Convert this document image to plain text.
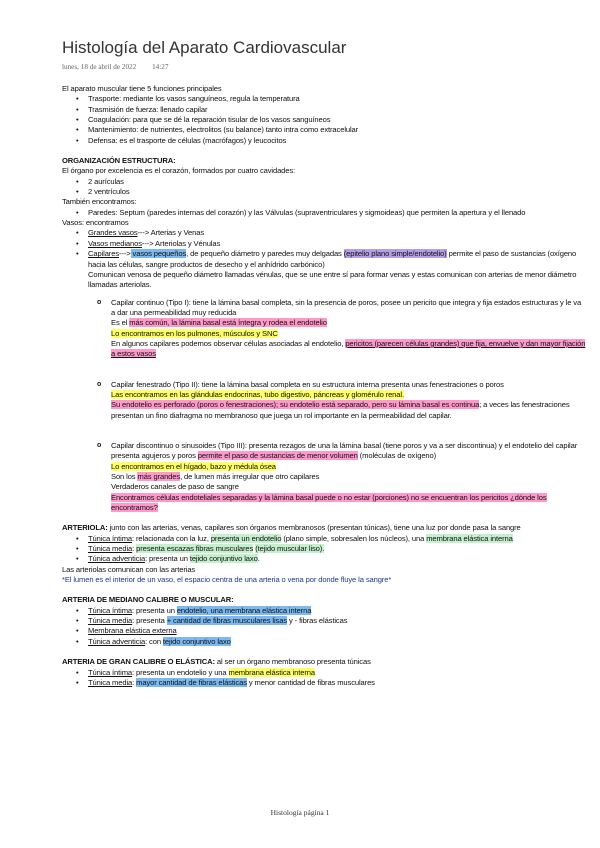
Histología del Aparato Cardiovascular
lunes, 18 de abril de 2022 14:27

El aparato muscular tiene 5 funciones principales

• Trasporte: mediante los vasos sanguíneos, regula la temperatura
• Trasmisión de fuerza: llenado capilar
• Coagulación: para que se dé la reparación tisular de los vasos sanguíneos
• Mantenimiento: de nutrientes, electrolitos (su balance) tanto intra como extracelular
• Defensa: es el trasporte de células (macrófagos) y leucocitos

ORGANIZACIÓN ESTRUCTURA:

El órgano por excelencia es el corazón, formados por cuatro cavidades:

• 2 aurículas
• 2 ventrículos

También encontramos:

• Paredes: Septum (paredes internas del corazón) y las Válvulas (supraventriculares y sigmoideas) que permiten la apertura y el llenado

Vasos: encontramos

• Grandes vasos---> Arterias y Venas
• Vasos medianos---> Arteriolas y Vénulas
• Capilares---> vasos pequeños, de pequeño diámetro y paredes muy delgadas (epitelio plano simple/endotelio) permite el paso de sustancias (oxígeno hacia las células, sangre productos de desecho y el anhídrido carbónico)
Comunican venosa de pequeño diámetro llamadas vénulas, que se une entre sí para formar venas y estas comunican con arterias de menor diámetro llamadas arteriolas.
o Capilar continuo (Tipo I): tiene la lámina basal completa, sin la presencia de poros, posee un pericito que integra y fija estados estructuras y le va a dar una permeabilidad muy reducida
Es el más común, la lámina basal está íntegra y rodea el endotelio
Lo encontramos en los pulmones, músculos y SNC
En algunos capilares podemos observar células asociadas al endotelio, pericitos (parecen células grandes) que fija, envuelve y dan mayor fijación a estos vasos
o Capilar fenestrado (Tipo II): tiene la lámina basal completa en su estructura interna presenta unas fenestraciones o poros
Las encontramos en las glándulas endocrinas, tubo digestivo, páncreas y glomérulo renal.
Su endotelio es perforado (poros o fenestraciones); su endotelio está separado, pero su lámina basal es continua; a veces las fenestraciones presentan un fino diafragma no membranoso que juega un rol importante en la permeabilidad del capilar.
o Capilar discontinuo o sinusoides (Tipo III): presenta rezagos de una la lámina basal (tiene poros y va a ser discontinua) y el endotelio del capilar presenta agujeros y poros permite el paso de sustancias de menor volumen (moléculas de oxígeno)
Lo encontramos en el hígado, bazo y médula ósea
Son los más grandes, de lumen más irregular que otro capilares
Verdaderos canales de paso de sangre
Encontramos células endoteliales separadas y la lámina basal puede o no estar (porciones) no se encuentran los pericitos ¿dónde los encontramos?

ARTERIOLA: junto con las arterias, venas, capilares son órganos membranosos (presentan túnicas), tiene una luz por donde pasa la sangre

• Túnica íntima: relacionada con la luz, presenta un endotelio (plano simple, sobresalen los núcleos), una membrana elástica interna
• Túnica media: presenta escazas fibras musculares (tejido muscular liso).
• Túnica adventicia: presenta un tejido conjuntivo laxo.

Las arteriolas comunican con las arterias

*El lumen es el interior de un vaso, el espacio centra de una arteria o vena por donde fluye la sangre*

ARTERIA DE MEDIANO CALIBRE O MUSCULAR:

• Túnica íntima: presenta un endotelio, una membrana elástica interna
• Túnica media: presenta + cantidad de fibras musculares lisas y - fibras elásticas
• Membrana elástica externa
• Túnica adventicia: con tejido conjuntivo laxo

ARTERIA DE GRAN CALIBRE O ELÁSTICA: al ser un órgano membranoso presenta túnicas

• Túnica íntima: presenta un endotelio y una membrana elástica interna
• Túnica media: mayor cantidad de fibras elásticas y menor cantidad de fibras musculares
Histología página 1
